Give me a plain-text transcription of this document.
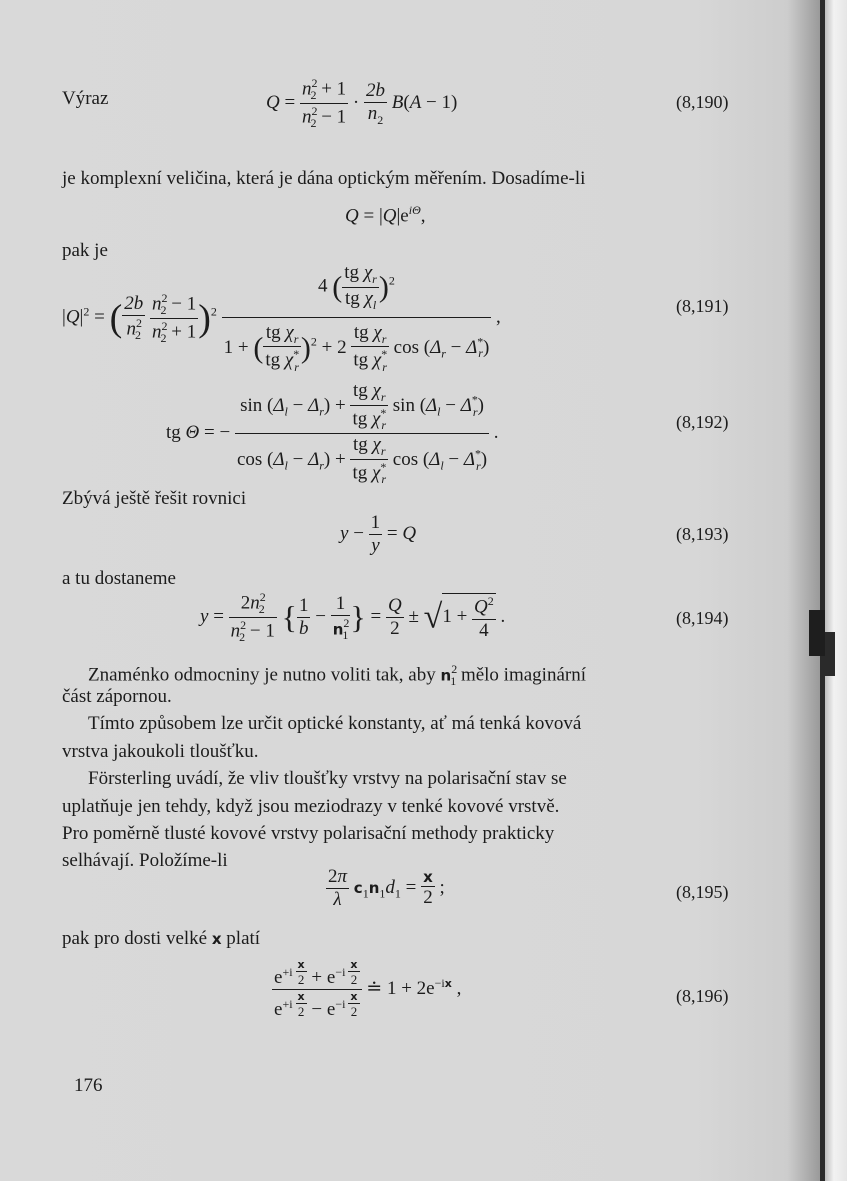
Výraz	$Q = \frac{n^2_2 + 1}{n^2_2 - 1} \cdot \frac{2b}{n_2} B(A - 1)$	(8,190)
je komplexní veličina, která je dána optickým měřením. Dosadíme-li
$Q = |Q|e^{i\Theta}$,
pak je
$|Q|^2$ = ( $\frac{2b}{n^2_2}$
$\frac{n^2_2 - 1}{n^2_2 + 1} )^2 \frac{4 ( \frac{tg \chi_r}{tg \chi_l} )^2}{1 + ( \frac{tg \chi_r}{tg \chi^*_r} )^2 + 2 \frac{tg \chi_r}{tg \chi^*_r} \cos (\Delta_r - \Delta^*_r)}$ ,
(8,191)
tg Θ = − $\frac{\sin (\Delta_l - \Delta_r) + \frac{tg \chi_r}{tg \chi^*_r} \sin (\Delta_l - \Delta^*_r)}{\cos (\Delta_l - \Delta_r) + \frac{tg \chi_r}{tg \chi^*_r} \cos (\Delta_l - \Delta^*_r)}$ .	(8,192)
Zbývá ještě řešit rovnici
$y - \frac{1}{y} = Q$	(8,193)
a tu dostaneme
$y = \frac{2n^2_2}{n^2_2 - 1}$ { $\frac{1}{b} - \frac{1}{n^2_1}$ } = $\frac{Q}{2} \pm √1 + \frac{Q^2}{4}$ .	(8,194)
Znaménko odmocniny je nutno voliti tak, aby $n^2_1$ mělo imaginární
část zápornou.
Tímto způsobem lze určit optické konstanty, ať má tenká kovová
vrstva jakoukoli tloušťku.
Försterling uvádí, že vliv tloušťky vrstvy na polarisační stav se
uplatňuje jen tehdy, když jsou meziodrazy v tenké kovové vrstvě.
Pro poměrně tlusté kovové vrstvy polarisační methody prakticky
selhávají. Položíme-li
$\frac{2\pi}{\lambda} c_1n_1d_1 = \frac{x}{2}$ ;	(8,195)
pak pro dosti velké x platí
$e^{+i \frac{x}{2}} + e^{-i \frac{x}{2}}$
$e^{+i \frac{x}{2}} - e^{-i \frac{x}{2}}$ ≐ $1 + 2e^{-ix}$ ,	(8,196)
176
